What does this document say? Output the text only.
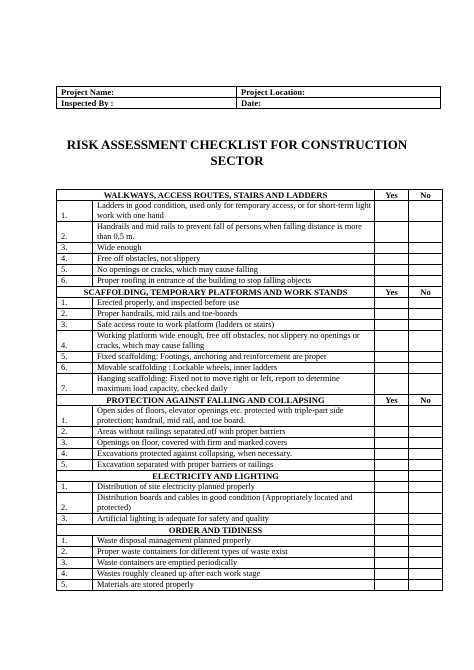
Project Name:	Project Location:
Inspected By :	Date:
RISK ASSESSMENT CHECKLIST FOR CONSTRUCTION SECTOR
WALKWAYS, ACCESS ROUTES, STAIRS AND LADDERS		Yes	No
1.	Ladders in good condition, used only for temporary access, or for short-term light work with one hand		
2.	Handrails and mid rails to prevent fall of persons when falling distance is more than 0,5 m.		
3.	Wide enough		
4.	Free off obstacles, not slippery		
5.	No openings or cracks, which may cause falling		
6.	Proper roofing in entrance of the building to stop falling objects		
SCAFFOLDING, TEMPORARY PLATFORMS AND WORK STANDS		Yes	No
1.	Erected properly, and inspected before use		
2.	Proper handrails, mid rails and toe-boards		
3.	Safe access route to work platform (ladders or stairs)		
4.	Working platform wide enough, free off obstacles, not slippery no openings or cracks, which may cause falling		
5.	Fixed scaffolding: Footings, anchoring and reinforcement are proper		
6.	Movable scaffolding : Lockable wheels, inner ladders		
7.	Hanging scaffolding: Fixed not to move right or left, report to determine maximum load capacity, checked daily		
PROTECTION AGAINST FALLING AND COLLAPSING		Yes	No
1.	Open sides of floors, elevator openings etc. protected with triple-part side protection; handrail, mid rail, and toe board.		
2.	Areas without railings separated off with proper barriers		
3.	Openings on floor, covered with firm and marked covers		
4.	Excavations protected against collapsing, when necessary.		
5.	Excavation separated with proper barriers or railings		
ELECTRICITY AND LIGHTING			
1.	Distribution of site electricity planned properly		
2.	Distribution boards and cables in good condition (Appropriately located and protected)		
3.	Artificial lighting is adequate for safety and quality		
ORDER AND TIDINESS			
1.	Waste disposal management planned properly		
2.	Proper waste containers for different types of waste exist		
3.	Waste containers are emptied periodically		
4.	Wastes roughly cleaned up after each work stage		
5.	Materials are stored properly		
